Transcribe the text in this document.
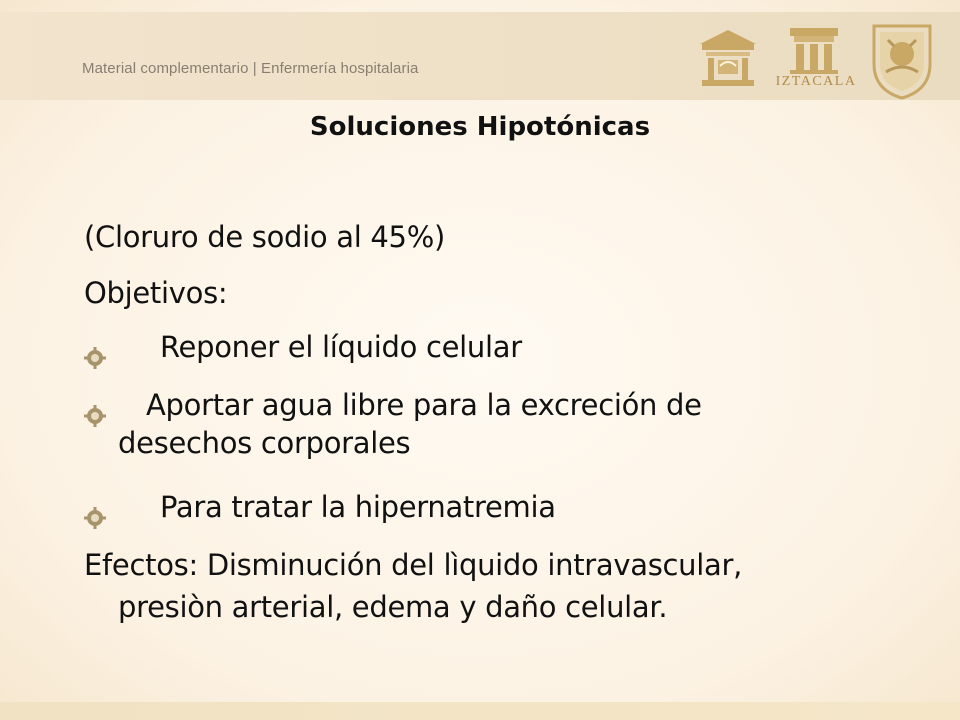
Material complementario | Enfermería hospitalaria
IZTACALA
Soluciones Hipotónicas
(Cloruro de sodio al 45%)
Objetivos:
Reponer el líquido celular
Aportar agua libre para la excreción de
desechos corporales
Para tratar la hipernatremia
Efectos: Disminución del lìquido intravascular,
presiòn arterial, edema y daño celular.
